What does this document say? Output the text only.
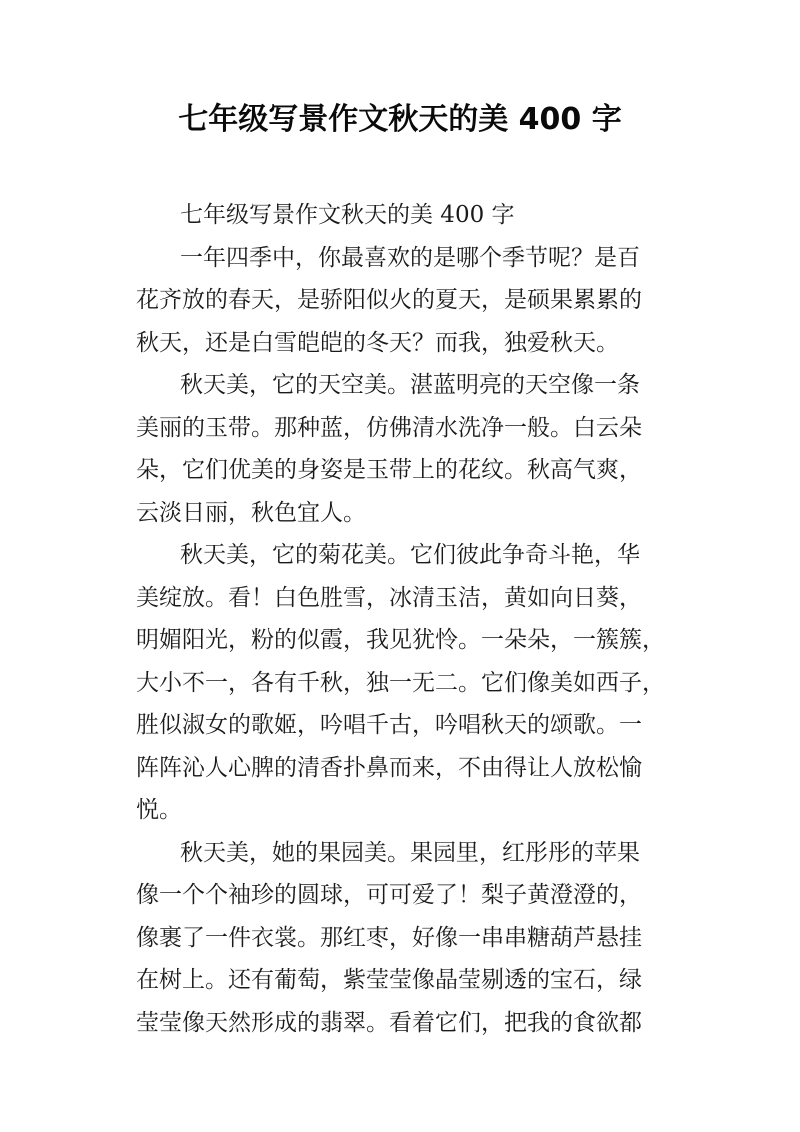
七年级写景作文秋天的美 400 字
七年级写景作文秋天的美 400 字
一年四季中，你最喜欢的是哪个季节呢？是百
花齐放的春天，是骄阳似火的夏天，是硕果累累的
秋天，还是白雪皑皑的冬天？而我，独爱秋天。
秋天美，它的天空美。湛蓝明亮的天空像一条
美丽的玉带。那种蓝，仿佛清水洗净一般。白云朵
朵，它们优美的身姿是玉带上的花纹。秋高气爽，
云淡日丽，秋色宜人。
秋天美，它的菊花美。它们彼此争奇斗艳，华
美绽放。看！白色胜雪，冰清玉洁，黄如向日葵，
明媚阳光，粉的似霞，我见犹怜。一朵朵，一簇簇，
大小不一，各有千秋，独一无二。它们像美如西子，
胜似淑女的歌姬，吟唱千古，吟唱秋天的颂歌。一
阵阵沁人心脾的清香扑鼻而来，不由得让人放松愉
悦。
秋天美，她的果园美。果园里，红彤彤的苹果
像一个个袖珍的圆球，可可爱了！梨子黄澄澄的，
像裹了一件衣裳。那红枣，好像一串串糖葫芦悬挂
在树上。还有葡萄，紫莹莹像晶莹剔透的宝石，绿
莹莹像天然形成的翡翠。看着它们，把我的食欲都
